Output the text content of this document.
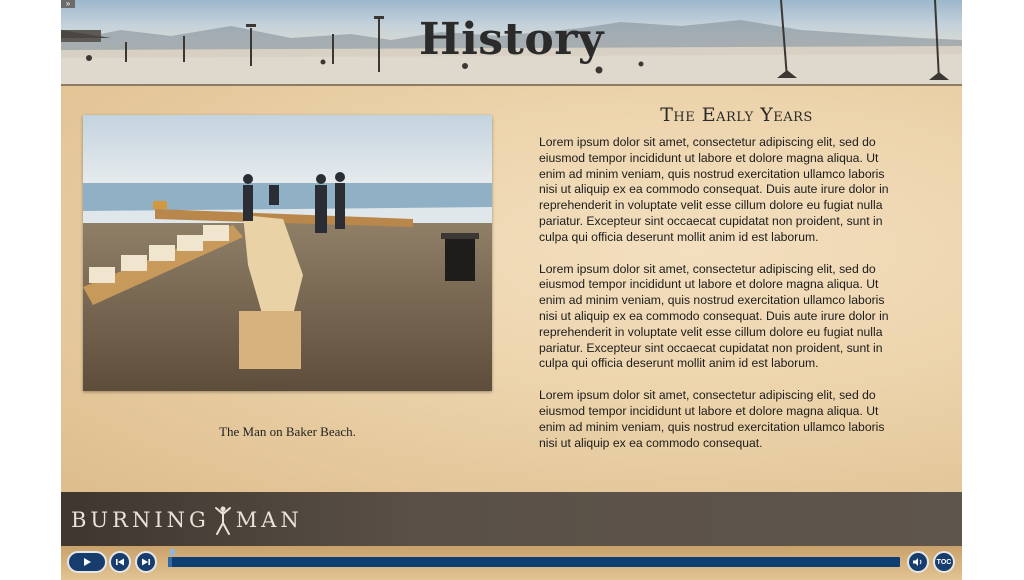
»
History
The Man on Baker Beach.
The Early Years

Lorem ipsum dolor sit amet, consectetur adipiscing elit, sed do eiusmod tempor incididunt ut labore et dolore magna aliqua. Ut enim ad minim veniam, quis nostrud exercitation ullamco laboris nisi ut aliquip ex ea commodo consequat. Duis aute irure dolor in reprehenderit in voluptate velit esse cillum dolore eu fugiat nulla pariatur. Excepteur sint occaecat cupidatat non proident, sunt in culpa qui officia deserunt mollit anim id est laborum.

Lorem ipsum dolor sit amet, consectetur adipiscing elit, sed do eiusmod tempor incididunt ut labore et dolore magna aliqua. Ut enim ad minim veniam, quis nostrud exercitation ullamco laboris nisi ut aliquip ex ea commodo consequat. Duis aute irure dolor in reprehenderit in voluptate velit esse cillum dolore eu fugiat nulla pariatur. Excepteur sint occaecat cupidatat non proident, sunt in culpa qui officia deserunt mollit anim id est laborum.

Lorem ipsum dolor sit amet, consectetur adipiscing elit, sed do eiusmod tempor incididunt ut labore et dolore magna aliqua. Ut enim ad minim veniam, quis nostrud exercitation ullamco laboris nisi ut aliquip ex ea commodo consequat.

BURNING MAN
TOC
